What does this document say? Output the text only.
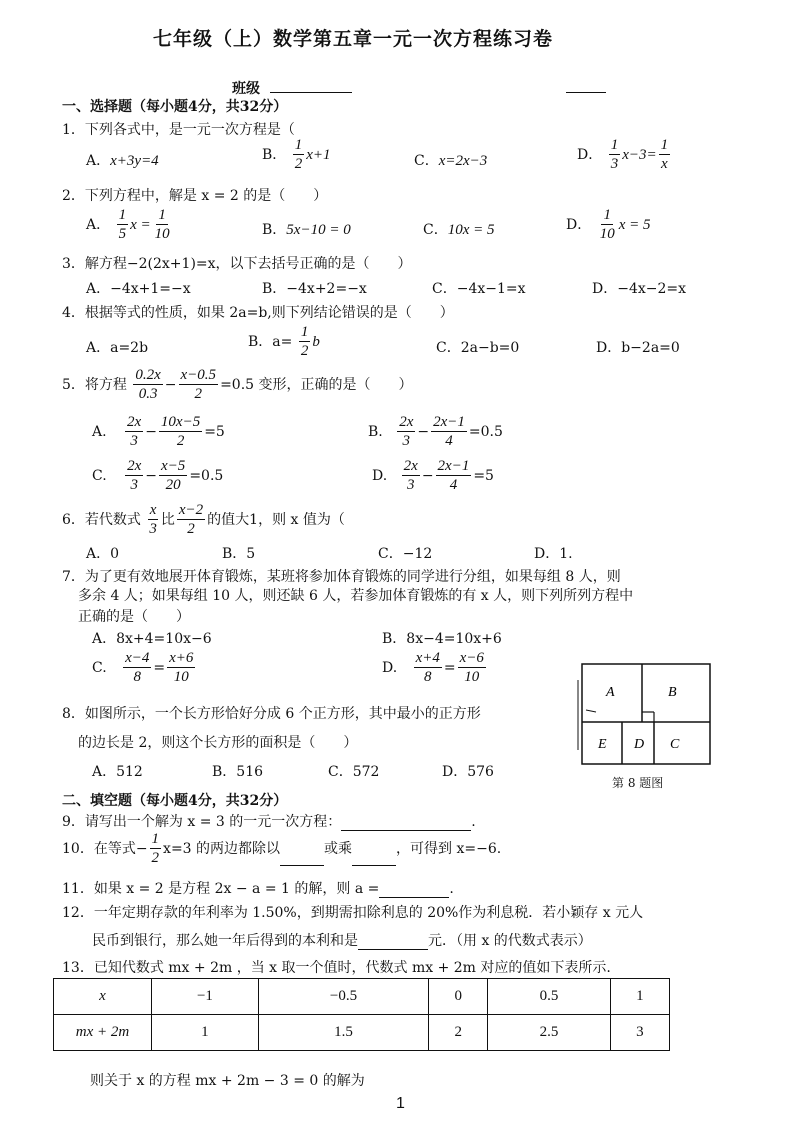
七年级（上）数学第五章一元一次方程练习卷
班级
一、选择题（每小题4分，共32分）
1．下列各式中，是一元一次方程是（
A．x+3y=4	B． $\frac{1}{2} x+1$	C．x=2x−3	D． $\frac{1}{3} x-3= \frac{1}{x}$
2．下列方程中，解是 x = 2 的是（　　）
A． $\frac{1}{5}$ $x = \frac{1}{10}$	B．5x−10 = 0	C．10x = 5	D． $\frac{1}{10}$ x = 5
3．解方程−2(2x+1)=x，以下去括号正确的是（　　）
A．−4x+1=−x	B．−4x+2=−x	C．−4x−1=x	D．−4x−2=x
4．根据等式的性质，如果 2a=b,则下列结论错误的是（　　）
A．a=2b	B．$a= \frac{1}{2}$ b	C．2a−b=0	D．b−2a=0
5．将方程 $\frac{0.2x}{0.3} - \frac{x-0.5}{2} =0.5$ 变形，正确的是（　　）
A. $\frac{2x}{3} - \frac{10x-5}{2} =5$	B. $\frac{2x}{3} - \frac{2x-1}{4} =0.5$
C. $\frac{2x}{3} - \frac{x-5}{20} =0.5$	D. $\frac{2x}{3} - \frac{2x-1}{4} =5$
6．若代数式 $\frac{x}{3}$ 比 $\frac{x-2}{2}$ 的值大1，则 x 值为（
A．0	B．5	C．−12	D．1.
7．为了更有效地展开体育锻炼，某班将参加体育锻炼的同学进行分组，如果每组 8 人，则
多余 4 人；如果每组 10 人，则还缺 6 人，若参加体育锻炼的有 x 人，则下列所列方程中
正确的是（　　）
A．8x+4=10x−6	B．8x−4=10x+6
C. $\frac{x-4}{8} = \frac{x+6}{10}$	D. $\frac{x+4}{8} = \frac{x-6}{10}$
8．如图所示，一个长方形恰好分成 6 个正方形，其中最小的正方形
的边长是 2，则这个长方形的面积是（　　）
A．512	B．516	C．572	D．576
A	B
E D C
第 8 题图
二、填空题（每小题4分，共32分）
9．请写出一个解为 x = 3 的一元一次方程：	.
10．在等式− $\frac{1}{2} x=3$ 的两边都除以	或乘	，可得到 x=−6.
11．如果 x = 2 是方程 2x − a = 1 的解，则 a =	.
12．一年定期存款的年利率为 1.50%，到期需扣除利息的 20%作为利息税．若小颖存 x 元人
民币到银行，那么她一年后得到的本利和是	元．（用 x 的代数式表示）
13．已知代数式 mx + 2m ，当 x 取一个值时，代数式 mx + 2m 对应的值如下表所示.
x	−1	−0.5	0	0.5	1
mx + 2m	1	1.5	2	2.5	3
则关于 x 的方程 mx + 2m − 3 = 0 的解为
1
